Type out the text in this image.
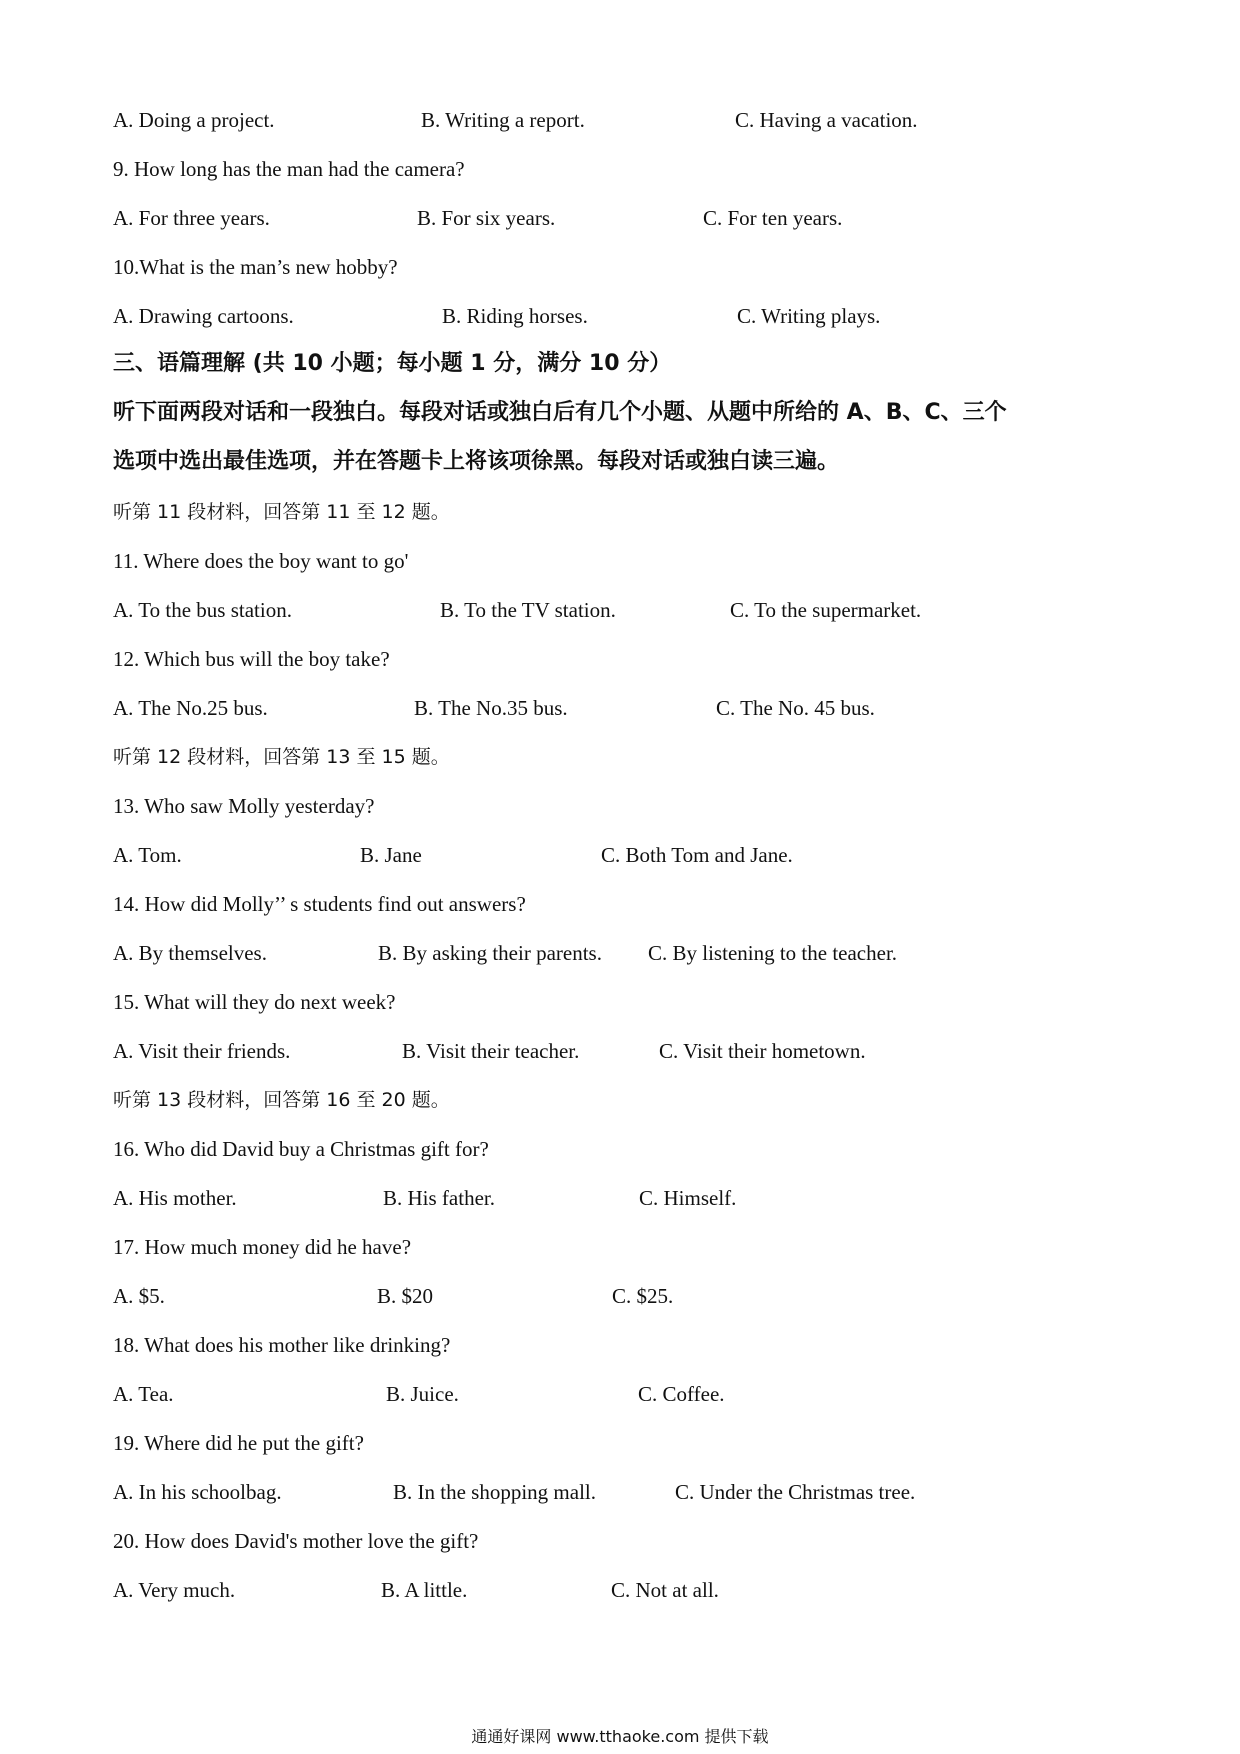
A. Doing a project.	B. Writing a report.	C. Having a vacation.
9. How long has the man had the camera?
A. For three years.	B. For six years.	C. For ten years.
10.What is the man’s new hobby?
A. Drawing cartoons.	B. Riding horses.	C. Writing plays.
三、语篇理解 (共 10 小题；每小题 1 分，满分 10 分）
听下面两段对话和一段独白。每段对话或独白后有几个小题、从题中所给的 A、B、C、三个
选项中选出最佳选项，并在答题卡上将该项徐黑。每段对话或独白读三遍。
听第 11 段材料，回答第 11 至 12 题。
11. Where does the boy want to go'
A. To the bus station.	B. To the TV station.	C. To the supermarket.
12. Which bus will the boy take?
A. The No.25 bus.	B. The No.35 bus.	C. The No. 45 bus.
听第 12 段材料，回答第 13 至 15 题。
13. Who saw Molly yesterday?
A. Tom.	B. Jane	C. Both Tom and Jane.
14. How did Molly’’ s students find out answers?
A. By themselves.	B. By asking their parents. C. By listening to the teacher.
15. What will they do next week?
A. Visit their friends.	B. Visit their teacher.	C. Visit their hometown.
听第 13 段材料，回答第 16 至 20 题。
16. Who did David buy a Christmas gift for?
A. His mother.	B. His father.	C. Himself.
17. How much money did he have?
A. $5.	B. $20	C. $25.
18. What does his mother like drinking?
A. Tea.	B. Juice.	C. Coffee.
19. Where did he put the gift?
A. In his schoolbag.	B. In the shopping mall.	C. Under the Christmas tree.
20. How does David's mother love the gift?
A. Very much.	B. A little.	C. Not at all.
通通好课网 www.tthaoke.com 提供下载
